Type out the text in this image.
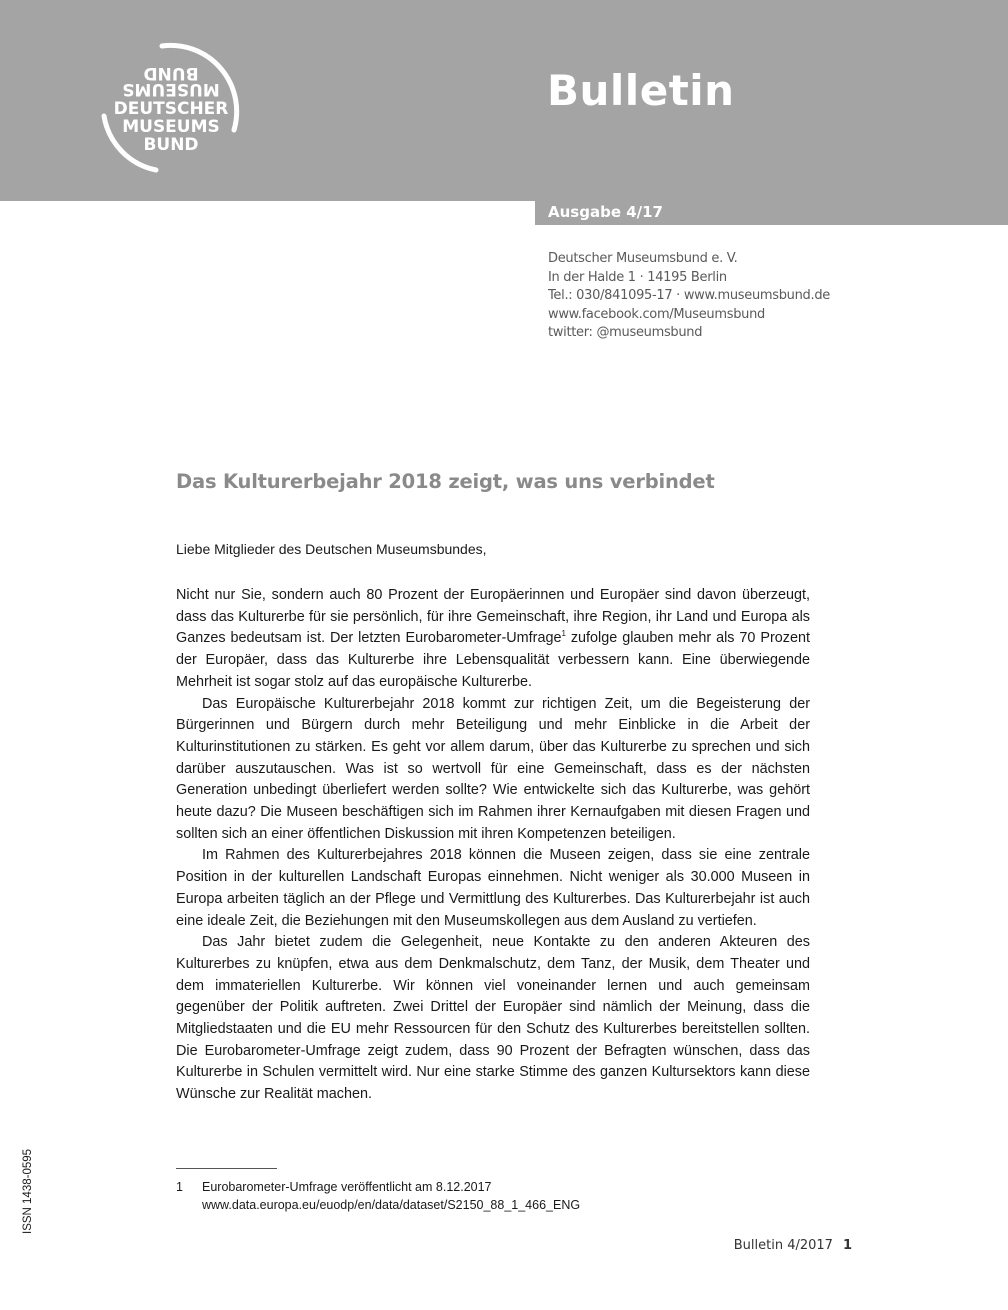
BUND
MUSEUMS
DEUTSCHER
MUSEUMS
BUND
Bulletin
Ausgabe 4/17
Deutscher Museumsbund e. V.
In der Halde 1 · 14195 Berlin
Tel.: 030/841095-17 · www.museumsbund.de
www.facebook.com/Museumsbund
twitter: @museumsbund
Das Kulturerbejahr 2018 zeigt, was uns verbindet
Liebe Mitglieder des Deutschen Museumsbundes,

Nicht nur Sie, sondern auch 80 Prozent der Europäerinnen und Europäer sind davon überzeugt, dass das Kulturerbe für sie persönlich, für ihre Gemeinschaft, ihre Region, ihr Land und Europa als Ganzes bedeutsam ist. Der letzten Eurobarometer-Umfrage$^1$ zufolge glauben mehr als 70 Prozent der Europäer, dass das Kulturerbe ihre Lebensqualität verbessern kann. Eine überwiegende Mehrheit ist sogar stolz auf das europäische Kulturerbe.

Das Europäische Kulturerbejahr 2018 kommt zur richtigen Zeit, um die Begeisterung der Bürgerinnen und Bürgern durch mehr Beteiligung und mehr Einblicke in die Arbeit der Kulturinstitutionen zu stärken. Es geht vor allem darum, über das Kulturerbe zu sprechen und sich darüber auszutauschen. Was ist so wertvoll für eine Gemeinschaft, dass es der nächsten Generation unbedingt überliefert werden sollte? Wie entwickelte sich das Kulturerbe, was gehört heute dazu? Die Museen beschäftigen sich im Rahmen ihrer Kernaufgaben mit diesen Fragen und sollten sich an einer öffentlichen Diskussion mit ihren Kompetenzen beteiligen.

Im Rahmen des Kulturerbejahres 2018 können die Museen zeigen, dass sie eine zentrale Position in der kulturellen Landschaft Europas einnehmen. Nicht weniger als 30.000 Museen in Europa arbeiten täglich an der Pflege und Vermittlung des Kulturerbes. Das Kulturerbejahr ist auch eine ideale Zeit, die Beziehungen mit den Museumskollegen aus dem Ausland zu vertiefen.

Das Jahr bietet zudem die Gelegenheit, neue Kontakte zu den anderen Akteuren des Kulturerbes zu knüpfen, etwa aus dem Denkmalschutz, dem Tanz, der Musik, dem Theater und dem immateriellen Kulturerbe. Wir können viel voneinander lernen und auch gemeinsam gegenüber der Politik auftreten. Zwei Drittel der Europäer sind nämlich der Meinung, dass die Mitgliedstaaten und die EU mehr Ressourcen für den Schutz des Kulturerbes bereitstellen sollten. Die Eurobarometer-Umfrage zeigt zudem, dass 90 Prozent der Befragten wünschen, dass das Kulturerbe in Schulen vermittelt wird. Nur eine starke Stimme des ganzen Kultursektors kann diese Wünsche zur Realität machen.

1 Eurobarometer-Umfrage veröffentlicht am 8.12.2017
www.data.europa.eu/euodp/en/data/dataset/S2150_88_1_466_ENG
ISSN 1438-0595
Bulletin 4/2017 1
